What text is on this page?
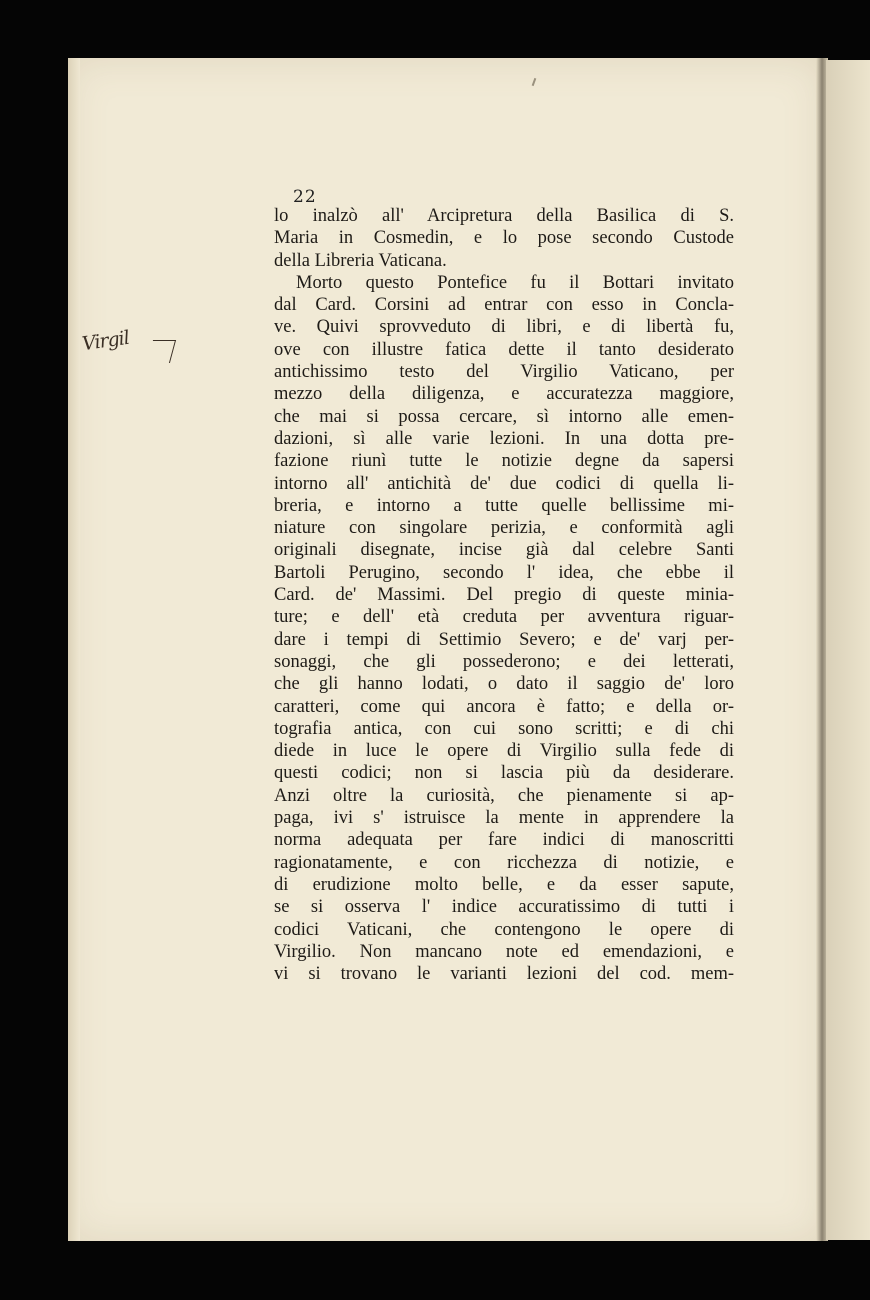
22
Virgil
lo inalzò all' Arcipretura della Basilica di S.
Maria in Cosmedin, e lo pose secondo Custode
della Libreria Vaticana.
Morto questo Pontefice fu il Bottari invitato
dal Card. Corsini ad entrar con esso in Concla-
ve. Quivi sprovveduto di libri, e di libertà fu,
ove con illustre fatica dette il tanto desiderato
antichissimo testo del Virgilio Vaticano, per
mezzo della diligenza, e accuratezza maggiore,
che mai si possa cercare, sì intorno alle emen-
dazioni, sì alle varie lezioni. In una dotta pre-
fazione riunì tutte le notizie degne da sapersi
intorno all' antichità de' due codici di quella li-
breria, e intorno a tutte quelle bellissime mi-
niature con singolare perizia, e conformità agli
originali disegnate, incise già dal celebre Santi
Bartoli Perugino, secondo l' idea, che ebbe il
Card. de' Massimi. Del pregio di queste minia-
ture; e dell' età creduta per avventura riguar-
dare i tempi di Settimio Severo; e de' varj per-
sonaggi, che gli possederono; e dei letterati,
che gli hanno lodati, o dato il saggio de' loro
caratteri, come qui ancora è fatto; e della or-
tografia antica, con cui sono scritti; e di chi
diede in luce le opere di Virgilio sulla fede di
questi codici; non si lascia più da desiderare.
Anzi oltre la curiosità, che pienamente si ap-
paga, ivi s' istruisce la mente in apprendere la
norma adequata per fare indici di manoscritti
ragionatamente, e con ricchezza di notizie, e
di erudizione molto belle, e da esser sapute,
se si osserva l' indice accuratissimo di tutti i
codici Vaticani, che contengono le opere di
Virgilio. Non mancano note ed emendazioni, e
vi si trovano le varianti lezioni del cod. mem-
